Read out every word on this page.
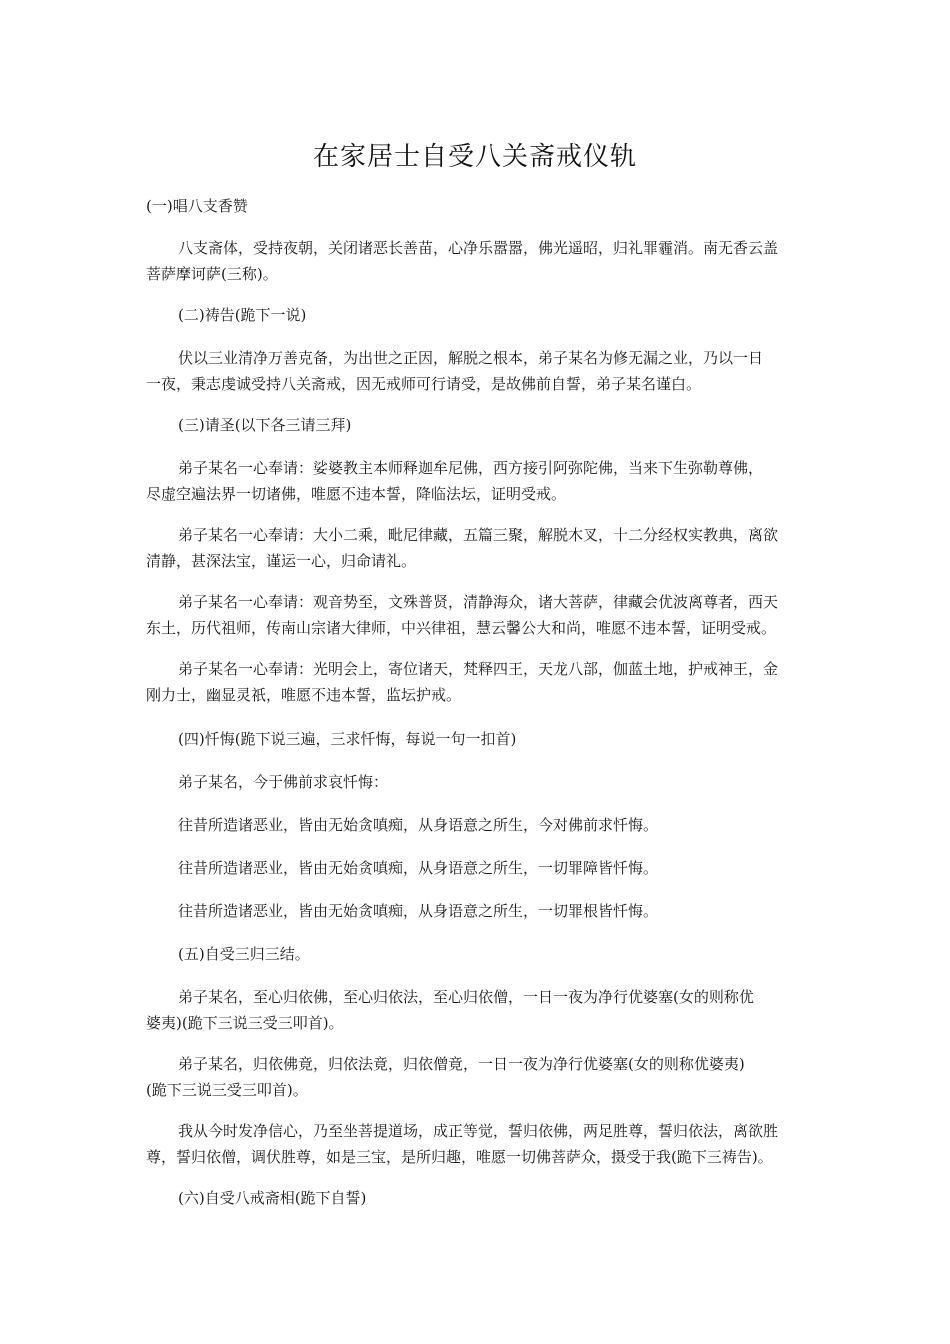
在家居士自受八关斋戒仪轨
(一)唱八支香赞
八支斋体，受持夜朝，关闭诸恶长善苗，心净乐嚣嚣，佛光遥昭，归礼罪霾消。南无香云盖
菩萨摩诃萨(三称)。
(二)祷告(跪下一说)
伏以三业清净万善克备，为出世之正因，解脱之根本，弟子某名为修无漏之业，乃以一日
一夜，秉志虔诚受持八关斋戒，因无戒师可行请受，是故佛前自誓，弟子某名谨白。
(三)请圣(以下各三请三拜)
弟子某名一心奉请：娑婆教主本师释迦牟尼佛，西方接引阿弥陀佛，当来下生弥勒尊佛，
尽虚空遍法界一切诸佛，唯愿不违本誓，降临法坛，证明受戒。
弟子某名一心奉请：大小二乘，毗尼律藏，五篇三聚，解脱木叉，十二分经权实教典，离欲
清静，甚深法宝，谨运一心，归命请礼。
弟子某名一心奉请：观音势至，文殊普贤，清静海众，诸大菩萨，律藏会优波离尊者，西天
东土，历代祖师，传南山宗诸大律师，中兴律祖，慧云馨公大和尚，唯愿不违本誓，证明受戒。
弟子某名一心奉请：光明会上，寄位诸天，梵释四王，天龙八部，伽蓝土地，护戒神王，金
刚力士，幽显灵祇，唯愿不违本誓，监坛护戒。
(四)忏悔(跪下说三遍，三求忏悔，每说一句一扣首)
弟子某名，今于佛前求哀忏悔：
往昔所造诸恶业，皆由无始贪嗔痴，从身语意之所生，今对佛前求忏悔。
往昔所造诸恶业，皆由无始贪嗔痴，从身语意之所生，一切罪障皆忏悔。
往昔所造诸恶业，皆由无始贪嗔痴，从身语意之所生，一切罪根皆忏悔。
(五)自受三归三结。
弟子某名，至心归依佛，至心归依法，至心归依僧，一日一夜为净行优婆塞(女的则称优
婆夷)(跪下三说三受三叩首)。
弟子某名，归依佛竟，归依法竟，归依僧竟，一日一夜为净行优婆塞(女的则称优婆夷)
(跪下三说三受三叩首)。
我从今时发净信心，乃至坐菩提道场，成正等觉，誓归依佛，两足胜尊，誓归依法，离欲胜
尊，誓归依僧，调伏胜尊，如是三宝，是所归趣，唯愿一切佛菩萨众，摄受于我(跪下三祷告)。
(六)自受八戒斋相(跪下自誓)
